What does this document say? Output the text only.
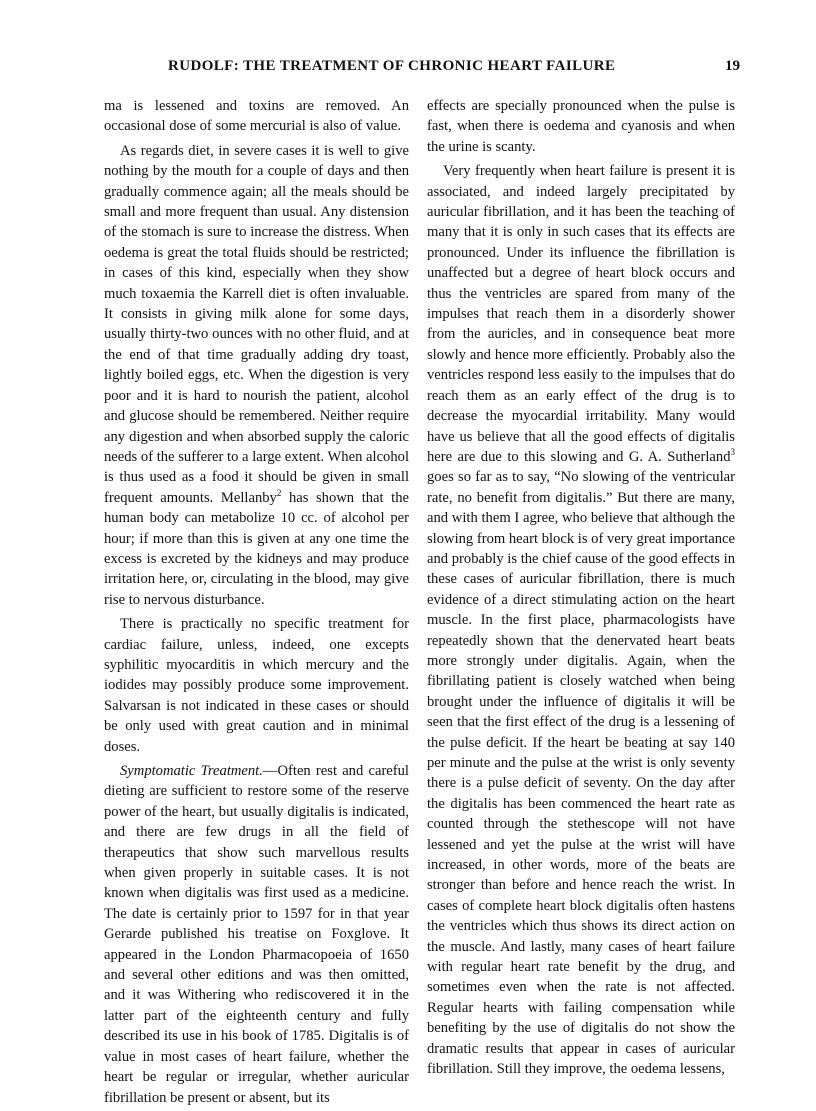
RUDOLF: THE TREATMENT OF CHRONIC HEART FAILURE	19

ma is lessened and toxins are removed. An occasional dose of some mercurial is also of value.

As regards diet, in severe cases it is well to give nothing by the mouth for a couple of days and then gradually commence again; all the meals should be small and more frequent than usual. Any distension of the stomach is sure to increase the distress. When oedema is great the total fluids should be restricted; in cases of this kind, especially when they show much toxaemia the Karrell diet is often invaluable. It consists in giving milk alone for some days, usually thirty-two ounces with no other fluid, and at the end of that time gradually adding dry toast, lightly boiled eggs, etc. When the digestion is very poor and it is hard to nourish the patient, alcohol and glucose should be remembered. Neither require any digestion and when absorbed supply the caloric needs of the sufferer to a large extent. When alcohol is thus used as a food it should be given in small frequent amounts. Mellanby$^2$ has shown that the human body can metabolize 10 cc. of alcohol per hour; if more than this is given at any one time the excess is excreted by the kidneys and may produce irritation here, or, circulating in the blood, may give rise to nervous disturbance.

There is practically no specific treatment for cardiac failure, unless, indeed, one excepts syphilitic myocarditis in which mercury and the iodides may possibly produce some improvement. Salvarsan is not indicated in these cases or should be only used with great caution and in minimal doses.

Symptomatic Treatment.—Often rest and careful dieting are sufficient to restore some of the reserve power of the heart, but usually digitalis is indicated, and there are few drugs in all the field of therapeutics that show such marvellous results when given properly in suitable cases. It is not known when digitalis was first used as a medicine. The date is certainly prior to 1597 for in that year Gerarde published his treatise on Foxglove. It appeared in the London Pharmacopoeia of 1650 and several other editions and was then omitted, and it was Withering who rediscovered it in the latter part of the eighteenth century and fully described its use in his book of 1785. Digitalis is of value in most cases of heart failure, whether the heart be regular or irregular, whether auricular fibrillation be present or absent, but its

effects are specially pronounced when the pulse is fast, when there is oedema and cyanosis and when the urine is scanty.

Very frequently when heart failure is present it is associated, and indeed largely precipitated by auricular fibrillation, and it has been the teaching of many that it is only in such cases that its effects are pronounced. Under its influence the fibrillation is unaffected but a degree of heart block occurs and thus the ventricles are spared from many of the impulses that reach them in a disorderly shower from the auricles, and in consequence beat more slowly and hence more efficiently. Probably also the ventricles respond less easily to the impulses that do reach them as an early effect of the drug is to decrease the myocardial irritability. Many would have us believe that all the good effects of digitalis here are due to this slowing and G. A. Sutherland$^3$ goes so far as to say, “No slowing of the ventricular rate, no benefit from digitalis.” But there are many, and with them I agree, who believe that although the slowing from heart block is of very great importance and probably is the chief cause of the good effects in these cases of auricular fibrillation, there is much evidence of a direct stimulating action on the heart muscle. In the first place, pharmacologists have repeatedly shown that the denervated heart beats more strongly under digitalis. Again, when the fibrillating patient is closely watched when being brought under the influence of digitalis it will be seen that the first effect of the drug is a lessening of the pulse deficit. If the heart be beating at say 140 per minute and the pulse at the wrist is only seventy there is a pulse deficit of seventy. On the day after the digitalis has been commenced the heart rate as counted through the stethescope will not have lessened and yet the pulse at the wrist will have increased, in other words, more of the beats are stronger than before and hence reach the wrist. In cases of complete heart block digitalis often hastens the ventricles which thus shows its direct action on the muscle. And lastly, many cases of heart failure with regular heart rate benefit by the drug, and sometimes even when the rate is not affected. Regular hearts with failing compensation while benefiting by the use of digitalis do not show the dramatic results that appear in cases of auricular fibrillation. Still they improve, the oedema lessens,
